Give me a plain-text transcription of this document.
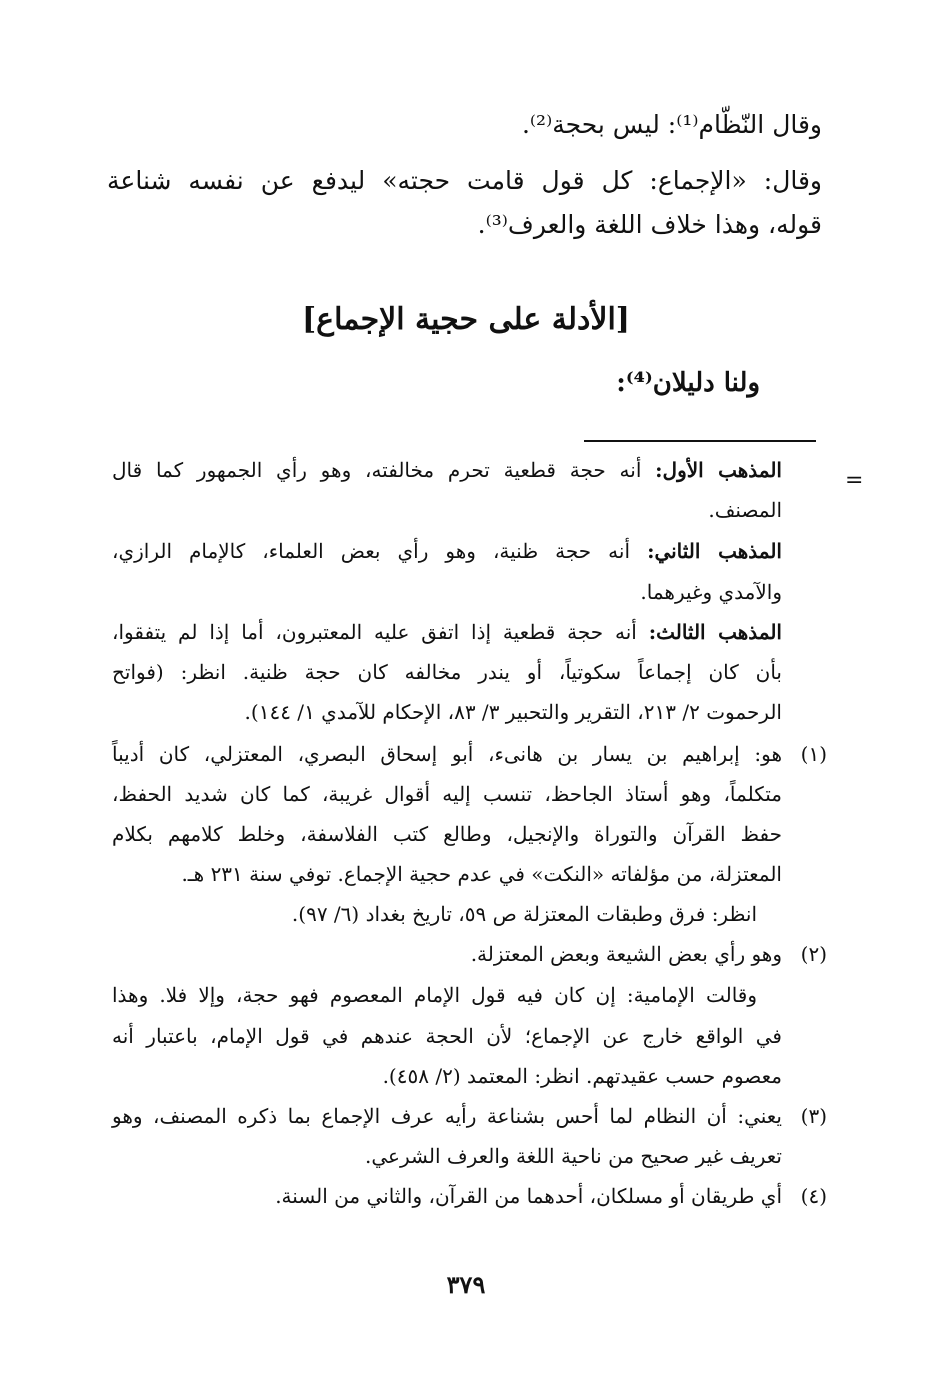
وقال النّظّام⁽¹⁾: ليس بحجة⁽²⁾.
وقال: «الإجماع: كل قول قامت حجته» ليدفع عن نفسه شناعة
قوله، وهذا خلاف اللغة والعرف⁽³⁾.
[الأدلة على حجية الإجماع]
ولنا دليلان⁽⁴⁾:
=
المذهب الأول: أنه حجة قطعية تحرم مخالفته، وهو رأي الجمهور كما قال
المصنف.
المذهب الثاني: أنه حجة ظنية، وهو رأي بعض العلماء، كالإمام الرازي،
والآمدي وغيرهما.
المذهب الثالث: أنه حجة قطعية إذا اتفق عليه المعتبرون، أما إذا لم يتفقوا،
بأن كان إجماعاً سكوتياً، أو يندر مخالفه كان حجة ظنية. انظر: (فواتح
الرحموت ٢/ ٢١٣، التقرير والتحبير ٣/ ٨٣، الإحكام للآمدي ١/ ١٤٤).
(١)
هو: إبراهيم بن يسار بن هانىء، أبو إسحاق البصري، المعتزلي، كان أديباً
متكلماً، وهو أستاذ الجاحظ، تنسب إليه أقوال غريبة، كما كان شديد الحفظ،
حفظ القرآن والتوراة والإنجيل، وطالع كتب الفلاسفة، وخلط كلامهم بكلام
المعتزلة، من مؤلفاته «النكت» في عدم حجية الإجماع. توفي سنة ٢٣١ هـ.
انظر: فرق وطبقات المعتزلة ص ٥٩، تاريخ بغداد (٦/ ٩٧).
(٢)
وهو رأي بعض الشيعة وبعض المعتزلة.
وقالت الإمامية: إن كان فيه قول الإمام المعصوم فهو حجة، وإلا فلا. وهذا
في الواقع خارج عن الإجماع؛ لأن الحجة عندهم في قول الإمام، باعتبار أنه
معصوم حسب عقيدتهم. انظر: المعتمد (٢/ ٤٥٨).
(٣)
يعني: أن النظام لما أحس بشناعة رأيه عرف الإجماع بما ذكره المصنف، وهو
تعريف غير صحيح من ناحية اللغة والعرف الشرعي.
(٤)
أي طريقان أو مسلكان، أحدهما من القرآن، والثاني من السنة.
٣٧٩
